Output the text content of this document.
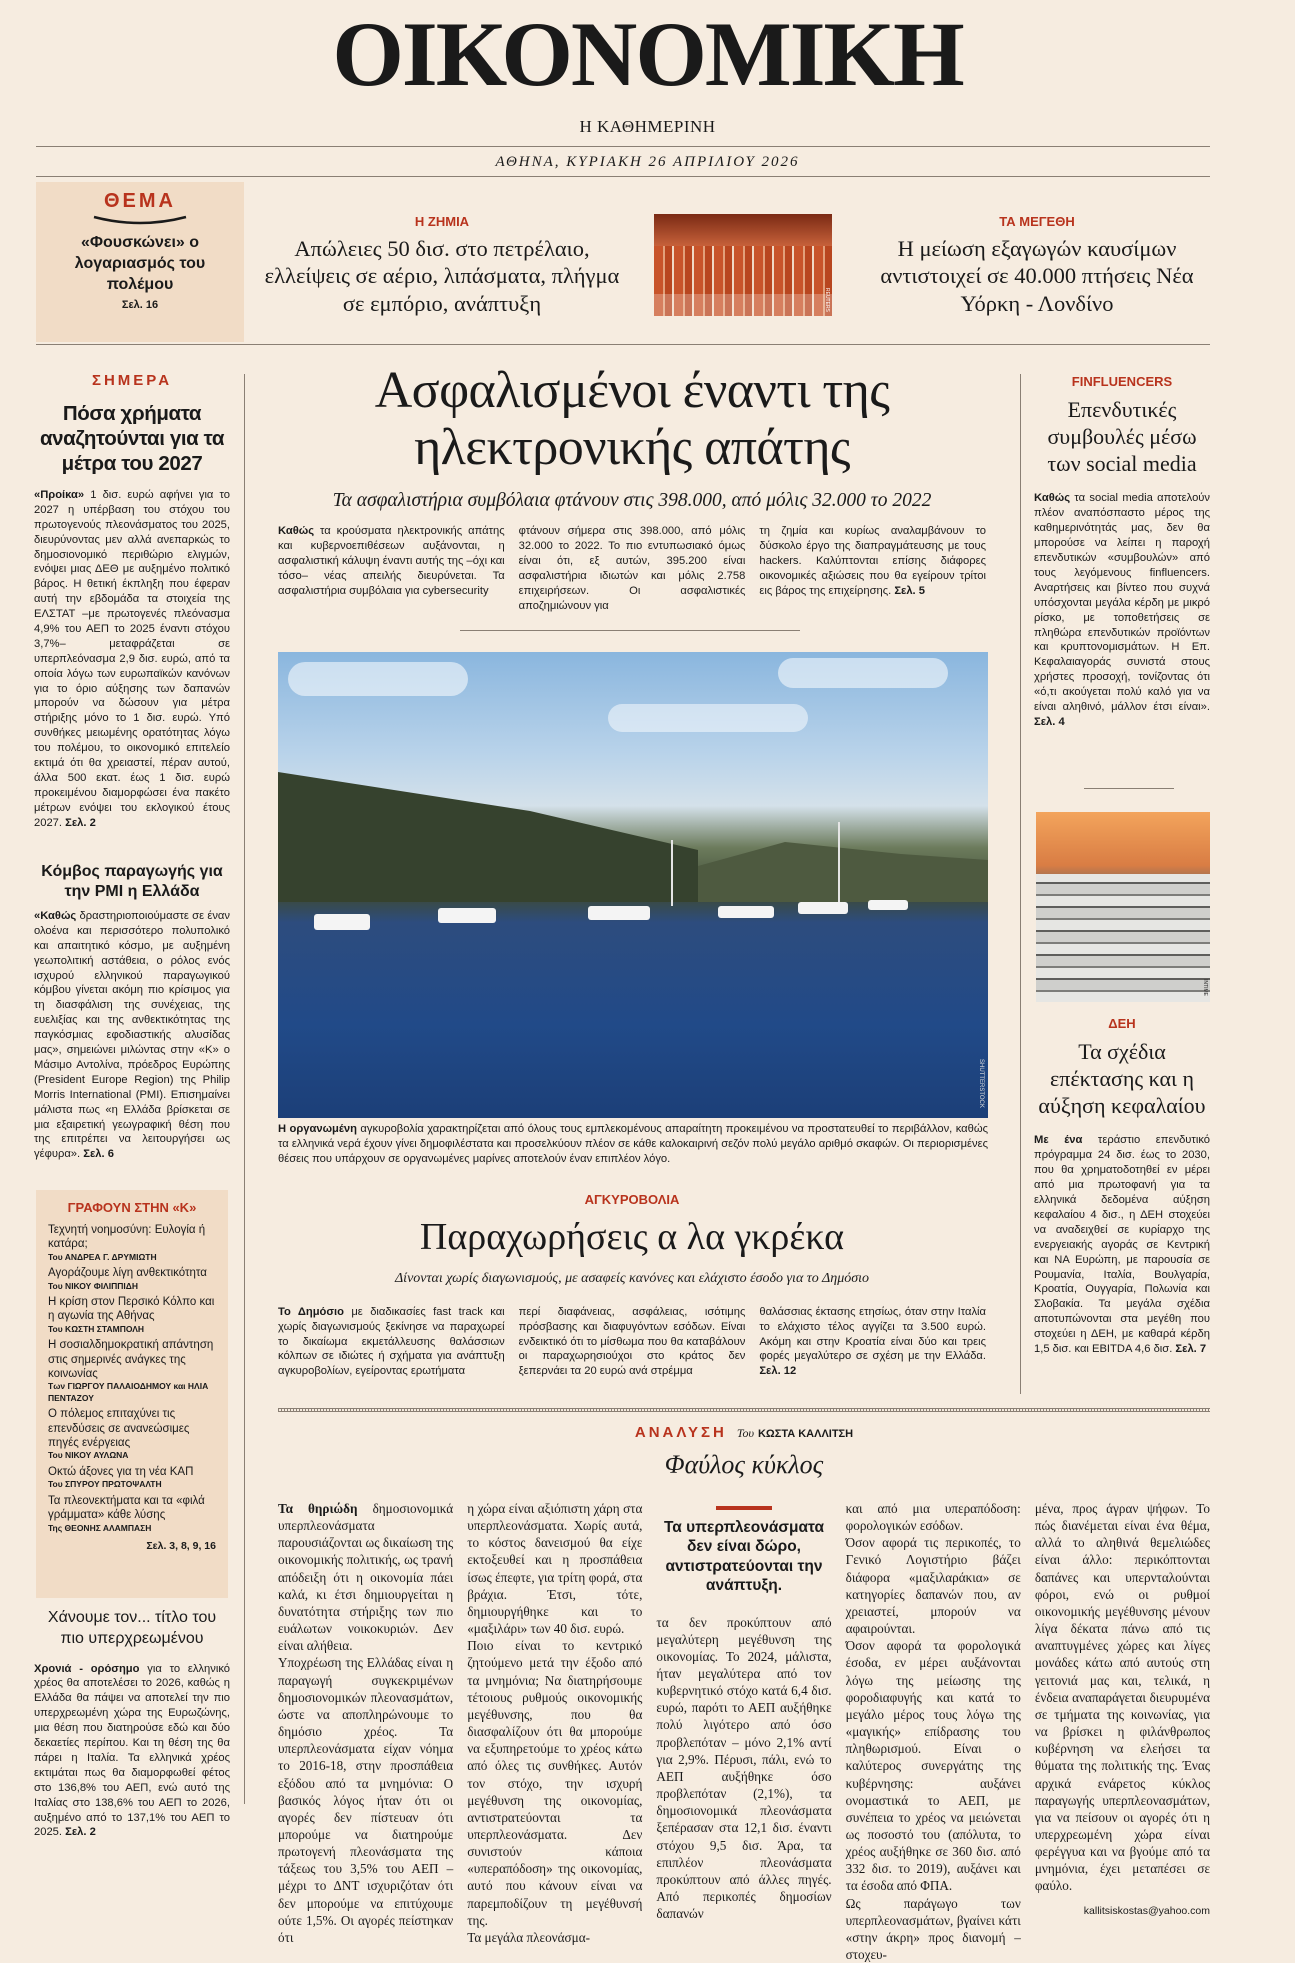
ΟΙΚΟΝΟΜΙΚΗ
Η ΚΑΘΗΜΕΡΙΝΗ
ΑΘΗΝΑ, ΚΥΡΙΑΚΗ 26 ΑΠΡΙΛΙΟΥ 2026
ΘΕΜΑ
«Φουσκώνει» ο λογαριασμός του πολέμου
Σελ. 16
Η ΖΗΜΙΑ
Απώλειες 50 δισ. στο πετρέλαιο, ελλείψεις σε αέριο, λιπάσματα, πλήγμα σε εμπόριο, ανάπτυξη	REUTERS
ΤΑ ΜΕΓΕΘΗ
Η μείωση εξαγωγών καυσίμων αντιστοιχεί σε 40.000 πτήσεις Νέα Υόρκη - Λονδίνο
ΣΗΜΕΡΑ
Πόσα χρήματα αναζητούνται για τα μέτρα του 2027
«Προίκα» 1 δισ. ευρώ αφήνει για το 2027 η υπέρβαση του στόχου του πρωτογενούς πλεονάσματος του 2025, διευρύνοντας μεν αλλά ανεπαρκώς το δημοσιονομικό περιθώριο ελιγμών, ενόψει μιας ΔΕΘ με αυξημένο πολιτικό βάρος. Η θετική έκπληξη που έφεραν αυτή την εβδομάδα τα στοιχεία της ΕΛΣΤΑΤ –με πρωτογενές πλεόνασμα 4,9% του ΑΕΠ το 2025 έναντι στόχου 3,7%– μεταφράζεται σε υπερπλεόνασμα 2,9 δισ. ευρώ, από τα οποία λόγω των ευρωπαϊκών κανόνων για το όριο αύξησης των δαπανών μπορούν να δώσουν για μέτρα στήριξης μόνο το 1 δισ. ευρώ. Υπό συνθήκες μειωμένης ορατότητας λόγω του πολέμου, το οικονομικό επιτελείο εκτιμά ότι θα χρειαστεί, πέραν αυτού, άλλα 500 εκατ. έως 1 δισ. ευρώ προκειμένου διαμορφώσει ένα πακέτο μέτρων ενόψει του εκλογικού έτους 2027. Σελ. 2
Κόμβος παραγωγής για την PMI η Ελλάδα
«Καθώς δραστηριοποιούμαστε σε έναν ολοένα και περισσότερο πολυπολικό και απαιτητικό κόσμο, με αυξημένη γεωπολιτική αστάθεια, ο ρόλος ενός ισχυρού ελληνικού παραγωγικού κόμβου γίνεται ακόμη πιο κρίσιμος για τη διασφάλιση της συνέχειας, της ευελιξίας και της ανθεκτικότητας της παγκόσμιας εφοδιαστικής αλυσίδας μας», σημειώνει μιλώντας στην «Κ» ο Μάσιμο Αντολίνα, πρόεδρος Ευρώπης (President Europe Region) της Philip Morris International (PMI). Επισημαίνει μάλιστα πως «η Ελλάδα βρίσκεται σε μια εξαιρετική γεωγραφική θέση που της επιτρέπει να λειτουργήσει ως γέφυρα». Σελ. 6
ΓΡΑΦΟΥΝ ΣΤΗΝ «Κ»
Τεχνητή νοημοσύνη: Ευλογία ή κατάρα;
Του ΑΝΔΡΕΑ Γ. ΔΡΥΜΙΩΤΗ
Αγοράζουμε λίγη ανθεκτικότητα
Του ΝΙΚΟΥ ΦΙΛΙΠΠΙΔΗ
Η κρίση στον Περσικό Κόλπο και η αγωνία της Αθήνας
Του ΚΩΣΤΗ ΣΤΑΜΠΟΛΗ
Η σοσιαλδημοκρατική απάντηση στις σημερινές ανάγκες της κοινωνίας
Των ΓΙΩΡΓΟΥ ΠΑΛΑΙΟΔΗΜΟΥ και ΗΛΙΑ ΠΕΝΤΑΖΟΥ
Ο πόλεμος επιταχύνει τις επενδύσεις σε ανανεώσιμες πηγές ενέργειας
Του ΝΙΚΟΥ ΑΥΛΩΝΑ
Οκτώ άξονες για τη νέα ΚΑΠ
Του ΣΠΥΡΟΥ ΠΡΩΤΟΨΑΛΤΗ
Τα πλεονεκτήματα και τα «φιλά γράμματα» κάθε λύσης
Της ΘΕΟΝΗΣ ΑΛΑΜΠΑΣΗ
Σελ. 3, 8, 9, 16
Χάνουμε τον... τίτλο του πιο υπερχρεωμένου
Χρονιά - ορόσημο για το ελληνικό χρέος θα αποτελέσει το 2026, καθώς η Ελλάδα θα πάψει να αποτελεί την πιο υπερχρεωμένη χώρα της Ευρωζώνης, μια θέση που διατηρούσε εδώ και δύο δεκαετίες περίπου. Και τη θέση της θα πάρει η Ιταλία. Τα ελληνικά χρέος εκτιμάται πως θα διαμορφωθεί φέτος στο 136,8% του ΑΕΠ, ενώ αυτό της Ιταλίας στο 138,6% του ΑΕΠ το 2026, αυξημένο από το 137,1% του ΑΕΠ το 2025. Σελ. 2
Ασφαλισμένοι έναντι της ηλεκτρονικής απάτης
Τα ασφαλιστήρια συμβόλαια φτάνουν στις 398.000, από μόλις 32.000 το 2022
Καθώς τα κρούσματα ηλεκτρονικής απάτης και κυβερνοεπιθέσεων αυξάνονται, η ασφαλιστική κάλυψη έναντι αυτής της –όχι και τόσο– νέας απειλής διευρύνεται. Τα ασφαλιστήρια συμβόλαια για cybersecurity
φτάνουν σήμερα στις 398.000, από μόλις 32.000 το 2022. Το πιο εντυπωσιακό όμως είναι ότι, εξ αυτών, 395.200 είναι ασφαλιστήρια ιδιωτών και μόλις 2.758 επιχειρήσεων. Οι ασφαλιστικές αποζημιώνουν για
τη ζημία και κυρίως αναλαμβάνουν το δύσκολο έργο της διαπραγμάτευσης με τους hackers. Καλύπτονται επίσης διάφορες οικονομικές αξιώσεις που θα εγείρουν τρίτοι εις βάρος της επιχείρησης. Σελ. 5
SHUTTERSTOCK
Η οργανωμένη αγκυροβολία χαρακτηρίζεται από όλους τους εμπλεκομένους απαραίτητη προκειμένου να προστατευθεί το περιβάλλον, καθώς τα ελληνικά νερά έχουν γίνει δημοφιλέστατα και προσελκύουν πλέον σε κάθε καλοκαιρινή σεζόν πολύ μεγάλο αριθμό σκαφών. Οι περιορισμένες θέσεις που υπάρχουν σε οργανωμένες μαρίνες αποτελούν έναν επιπλέον λόγο.
ΑΓΚΥΡΟΒΟΛΙΑ
Παραχωρήσεις α λα γκρέκα
Δίνονται χωρίς διαγωνισμούς, με ασαφείς κανόνες και ελάχιστο έσοδο για το Δημόσιο
Το Δημόσιο με διαδικασίες fast track και χωρίς διαγωνισμούς ξεκίνησε να παραχωρεί το δικαίωμα εκμετάλλευσης θαλάσσιων κόλπων σε ιδιώτες ή σχήματα για ανάπτυξη αγκυροβολίων, εγείροντας ερωτήματα
περί διαφάνειας, ασφάλειας, ισότιμης πρόσβασης και διαφυγόντων εσόδων. Είναι ενδεικτικό ότι το μίσθωμα που θα καταβάλουν οι παραχωρησιούχοι στο κράτος δεν ξεπερνάει τα 20 ευρώ ανά στρέμμα
θαλάσσιας έκτασης ετησίως, όταν στην Ιταλία το ελάχιστο τέλος αγγίζει τα 3.500 ευρώ. Ακόμη και στην Κροατία είναι δύο και τρεις φορές μεγαλύτερο σε σχέση με την Ελλάδα. Σελ. 12
FINFLUENCERS
Επενδυτικές συμβουλές μέσω των social media
Καθώς τα social media αποτελούν πλέον αναπόσπαστο μέρος της καθημερινότητάς μας, δεν θα μπορούσε να λείπει η παροχή επενδυτικών «συμβουλών» από τους λεγόμενους finfluencers. Αναρτήσεις και βίντεο που συχνά υπόσχονται μεγάλα κέρδη με μικρό ρίσκο, με τοποθετήσεις σε πληθώρα επενδυτικών προϊόντων και κρυπτονομισμάτων. Η Επ. Κεφαλαιαγοράς συνιστά στους χρήστες προσοχή, τονίζοντας ότι «ό,τι ακούγεται πολύ καλό για να είναι αληθινό, μάλλον έτσι είναι». Σελ. 4
INTIME
ΔΕΗ
Τα σχέδια επέκτασης και η αύξηση κεφαλαίου
Με ένα τεράστιο επενδυτικό πρόγραμμα 24 δισ. έως το 2030, που θα χρηματοδοτηθεί εν μέρει από μια πρωτοφανή για τα ελληνικά δεδομένα αύξηση κεφαλαίου 4 δισ., η ΔΕΗ στοχεύει να αναδειχθεί σε κυρίαρχο της ενεργειακής αγοράς σε Κεντρική και ΝΑ Ευρώπη, με παρουσία σε Ρουμανία, Ιταλία, Βουλγαρία, Κροατία, Ουγγαρία, Πολωνία και Σλοβακία. Τα μεγάλα σχέδια αποτυπώνονται στα μεγέθη που στοχεύει η ΔΕΗ, με καθαρά κέρδη 1,5 δισ. και EBITDA 4,6 δισ. Σελ. 7
ΑΝΑΛΥΣΗ Του ΚΩΣΤΑ ΚΑΛΛΙΤΣΗ
Φαύλος κύκλος
Τα θηριώδη δημοσιονομικά υπερπλεονάσματα παρουσιάζονται ως δικαίωση της οικονομικής πολιτικής, ως τρανή απόδειξη ότι η οικονομία πάει καλά, κι έτσι δημιουργείται η δυνατότητα στήριξης των πιο ευάλωτων νοικοκυριών. Δεν είναι αλήθεια.
Υποχρέωση της Ελλάδας είναι η παραγωγή συγκεκριμένων δημοσιονομικών πλεονασμάτων, ώστε να αποπληρώνουμε το δημόσιο χρέος. Τα υπερπλεονάσματα είχαν νόημα το 2016-18, στην προσπάθεια εξόδου από τα μνημόνια: Ο βασικός λόγος ήταν ότι οι αγορές δεν πίστευαν ότι μπορούμε να διατηρούμε πρωτογενή πλεονάσματα της τάξεως του 3,5% του ΑΕΠ – μέχρι το ΔΝΤ ισχυριζόταν ότι δεν μπορούμε να επιτύχουμε ούτε 1,5%. Οι αγορές πείστηκαν ότι
η χώρα είναι αξιόπιστη χάρη στα υπερπλεονάσματα. Χωρίς αυτά, το κόστος δανεισμού θα είχε εκτοξευθεί και η προσπάθεια ίσως έπεφτε, για τρίτη φορά, στα βράχια. Έτσι, τότε, δημιουργήθηκε και το «μαξιλάρι» των 40 δισ. ευρώ.
Ποιο είναι το κεντρικό ζητούμενο μετά την έξοδο από τα μνημόνια; Να διατηρήσουμε τέτοιους ρυθμούς οικονομικής μεγέθυνσης, που θα διασφαλίζουν ότι θα μπορούμε να εξυπηρετούμε το χρέος κάτω από όλες τις συνθήκες. Αυτόν τον στόχο, την ισχυρή μεγέθυνση της οικονομίας, αντιστρατεύονται τα υπερπλεονάσματα. Δεν συνιστούν κάποια «υπεραπόδοση» της οικονομίας, αυτό που κάνουν είναι να παρεμποδίζουν τη μεγέθυνσή της.
Τα μεγάλα πλεονάσμα-
Τα υπερπλεονάσματα δεν είναι δώρο, αντιστρατεύονται την ανάπτυξη.
τα δεν προκύπτουν από μεγαλύτερη μεγέθυνση της οικονομίας. Το 2024, μάλιστα, ήταν μεγαλύτερα από τον κυβερνητικό στόχο κατά 6,4 δισ. ευρώ, παρότι το ΑΕΠ αυξήθηκε πολύ λιγότερο από όσο προβλεπόταν – μόνο 2,1% αντί για 2,9%. Πέρυσι, πάλι, ενώ το ΑΕΠ αυξήθηκε όσο προβλεπόταν (2,1%), τα δημοσιονομικά πλεονάσματα ξεπέρασαν στα 12,1 δισ. έναντι στόχου 9,5 δισ. Άρα, τα επιπλέον πλεονάσματα προκύπτουν από άλλες πηγές. Από περικοπές δημοσίων δαπανών
και από μια υπεραπόδοση: φορολογικών εσόδων.
Όσον αφορά τις περικοπές, το Γενικό Λογιστήριο βάζει διάφορα «μαξιλαράκια» σε κατηγορίες δαπανών που, αν χρειαστεί, μπορούν να αφαιρούνται.
Όσον αφορά τα φορολογικά έσοδα, εν μέρει αυξάνονται λόγω της μείωσης της φοροδιαφυγής και κατά το μεγάλο μέρος τους λόγω της «μαγικής» επίδρασης του πληθωρισμού. Είναι ο καλύτερος συνεργάτης της κυβέρνησης: αυξάνει ονομαστικά το ΑΕΠ, με συνέπεια το χρέος να μειώνεται ως ποσοστό του (απόλυτα, το χρέος αυξήθηκε σε 360 δισ. από 332 δισ. το 2019), αυξάνει και τα έσοδα από ΦΠΑ.
Ως παράγωγο των υπερπλεονασμάτων, βγαίνει κάτι «στην άκρη» προς διανομή – στοχευ-
μένα, προς άγραν ψήφων. Το πώς διανέμεται είναι ένα θέμα, αλλά το αληθινά θεμελιώδες είναι άλλο: περικόπτονται δαπάνες και υπερνταλούνται φόροι, ενώ οι ρυθμοί οικονομικής μεγέθυνσης μένουν λίγα δέκατα πάνω από τις αναπτυγμένες χώρες και λίγες μονάδες κάτω από αυτούς στη γειτονιά μας και, τελικά, η ένδεια αναπαράγεται διευρυμένα σε τμήματα της κοινωνίας, για να βρίσκει η φιλάνθρωπος κυβέρνηση να ελεήσει τα θύματα της πολιτικής της. Ένας αρχικά ενάρετος κύκλος παραγωγής υπερπλεονασμάτων, για να πείσουν οι αγορές ότι η υπερχρεωμένη χώρα είναι φερέγγυα και να βγούμε από τα μνημόνια, έχει μεταπέσει σε φαύλο.
kallitsiskostas@yahoo.com
